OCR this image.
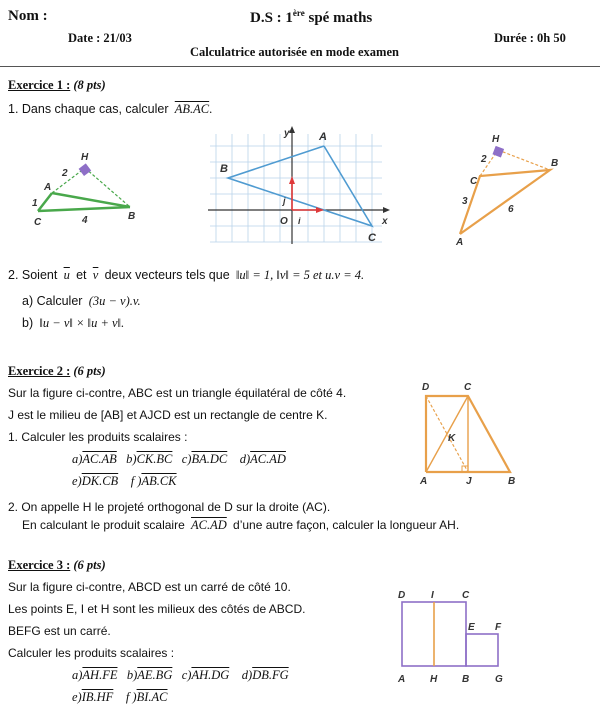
Nom :	D.S : 1ère spé maths
Date : 21/03	Durée : 0h 50
Calculatrice autorisée en mode examen
Exercice 1 : (8 pts)
1. Dans chaque cas, calculer AB.AC.
H
A
C
B
2
1
4
y	A
B
C
O
j
i	x
H
B
C
A
2
3
6
2. Soient $\overline{u}$ et $\overline{v}$ deux vecteurs tels que ‖u‖ = 1, ‖v‖ = 5 et u.v = 4.
a) Calculer (3u − v).v.
b) ‖u − v‖ × ‖u + v‖.
Exercice 2 : (6 pts)
Sur la figure ci-contre, ABC est un triangle équilatéral de côté 4.
J est le milieu de [AB] et AJCD est un rectangle de centre K.
1. Calculer les produits scalaires :
a)AC.AB b)CK.BC c)BA.DC d)AC.AD
e)DK.CB f )AB.CK
2. On appelle H le projeté orthogonal de D sur la droite (AC).
En calculant le produit scalaire AC.AD d’une autre façon, calculer la longueur AH.
D	C
K
A	J	B
Exercice 3 : (6 pts)
Sur la figure ci-contre, ABCD est un carré de côté 10.
Les points E, I et H sont les milieux des côtés de ABCD.
BEFG est un carré.
Calculer les produits scalaires :
a)AH.FE b)AE.BG c)AH.DG d)DB.FG
e)IB.HF f )BI.AC
D	I	C
E F
A H B	G
